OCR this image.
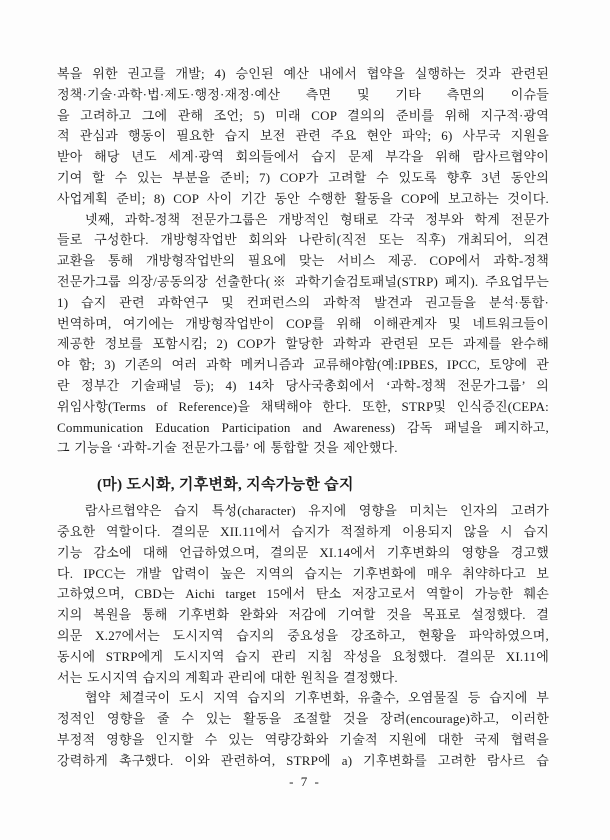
복을 위한 권고를 개발; 4) 승인된 예산 내에서 협약을 실행하는 것과 관련된
정책·기술·과학·법·제도·행정·재정·예산 측면 및 기타 측면의 이슈들
을 고려하고 그에 관해 조언; 5) 미래 COP 결의의 준비를 위해 지구적·광역
적 관심과 행동이 필요한 습지 보전 관련 주요 현안 파악; 6) 사무국 지원을
받아 해당 년도 세계·광역 회의들에서 습지 문제 부각을 위해 람사르협약이
기여 할 수 있는 부분을 준비; 7) COP가 고려할 수 있도록 향후 3년 동안의
사업계획 준비; 8) COP 사이 기간 동안 수행한 활동을 COP에 보고하는 것이다.
넷째, 과학-정책 전문가그룹은 개방적인 형태로 각국 정부와 학계 전문가
들로 구성한다. 개방형작업반 회의와 나란히(직전 또는 직후) 개최되어, 의견
교환을 통해 개방형작업반의 필요에 맞는 서비스 제공. COP에서 과학-정책
전문가그룹 의장/공동의장 선출한다(※ 과학기술검토패널(STRP) 폐지). 주요업무는
1) 습지 관련 과학연구 및 컨퍼런스의 과학적 발견과 권고들을 분석·통합·
번역하며, 여기에는 개방형작업반이 COP를 위해 이해관계자 및 네트워크들이
제공한 정보를 포함시킴; 2) COP가 할당한 과학과 관련된 모든 과제를 완수해
야 함; 3) 기존의 여러 과학 메커니즘과 교류해야함(예:IPBES, IPCC, 토양에 관
란 정부간 기술패널 등); 4) 14차 당사국총회에서 ‘과학-정책 전문가그룹’ 의
위임사항(Terms of Reference)을 채택해야 한다. 또한, STRP및 인식증진(CEPA:
Communication Education Participation and Awareness) 감독 패널을 폐지하고,
그 기능을 ‘과학-기술 전문가그룹’ 에 통합할 것을 제안했다.
(마) 도시화, 기후변화, 지속가능한 습지
람사르협약은 습지 특성(character) 유지에 영향을 미치는 인자의 고려가
중요한 역할이다. 결의문 XII.11에서 습지가 적절하게 이용되지 않을 시 습지
기능 감소에 대해 언급하였으며, 결의문 XI.14에서 기후변화의 영향을 경고했
다. IPCC는 개발 압력이 높은 지역의 습지는 기후변화에 매우 취약하다고 보
고하였으며, CBD는 Aichi target 15에서 탄소 저장고로서 역할이 가능한 훼손
지의 복원을 통해 기후변화 완화와 저감에 기여할 것을 목표로 설정했다. 결
의문 X.27에서는 도시지역 습지의 중요성을 강조하고, 현황을 파악하였으며,
동시에 STRP에게 도시지역 습지 관리 지침 작성을 요청했다. 결의문 XI.11에
서는 도시지역 습지의 계획과 관리에 대한 원칙을 결정했다.
협약 체결국이 도시 지역 습지의 기후변화, 유출수, 오염물질 등 습지에 부
정적인 영향을 줄 수 있는 활동을 조절할 것을 장려(encourage)하고, 이러한
부정적 영향을 인지할 수 있는 역량강화와 기술적 지원에 대한 국제 협력을
강력하게 촉구했다. 이와 관련하여, STRP에 a) 기후변화를 고려한 람사르 습
- 7 -
